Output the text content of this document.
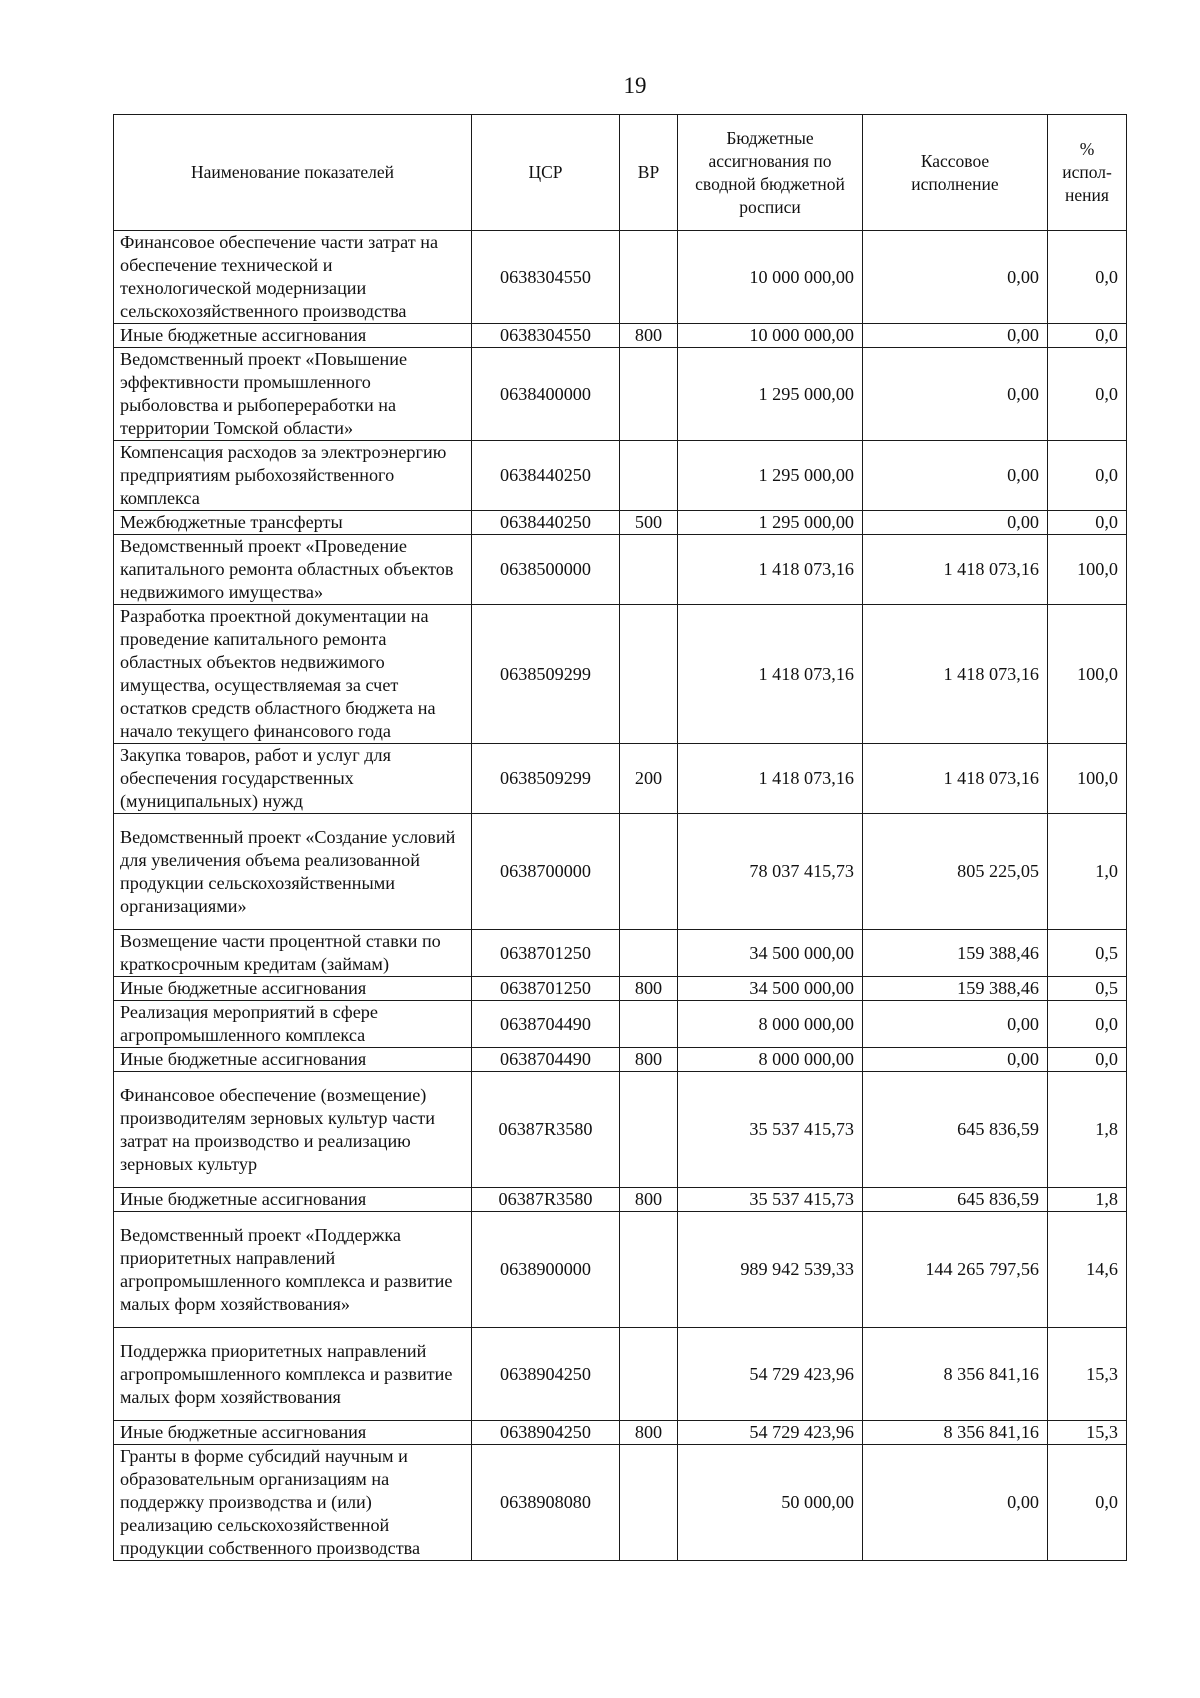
19
Наименование показателей	ЦСР	ВР	Бюджетные ассигнования по сводной бюджетной росписи	Кассовое исполнение	% испол-нения
Финансовое обеспечение части затрат на обеспечение технической и технологической модернизации сельскохозяйственного производства	0638304550		10 000 000,00	0,00	0,0
Иные бюджетные ассигнования	0638304550	800	10 000 000,00	0,00	0,0
Ведомственный проект «Повышение эффективности промышленного рыболовства и рыбопереработки на территории Томской области»	0638400000		1 295 000,00	0,00	0,0
Компенсация расходов за электроэнергию предприятиям рыбохозяйственного комплекса	0638440250		1 295 000,00	0,00	0,0
Межбюджетные трансферты	0638440250	500	1 295 000,00	0,00	0,0
Ведомственный проект «Проведение капитального ремонта областных объектов недвижимого имущества»	0638500000		1 418 073,16	1 418 073,16	100,0
Разработка проектной документации на проведение капитального ремонта областных объектов недвижимого имущества, осуществляемая за счет остатков средств областного бюджета на начало текущего финансового года	0638509299		1 418 073,16	1 418 073,16	100,0
Закупка товаров, работ и услуг для обеспечения государственных (муниципальных) нужд	0638509299	200	1 418 073,16	1 418 073,16	100,0
Ведомственный проект «Создание условий для увеличения объема реализованной продукции сельскохозяйственными организациями»	0638700000		78 037 415,73	805 225,05	1,0
Возмещение части процентной ставки по краткосрочным кредитам (займам)	0638701250		34 500 000,00	159 388,46	0,5
Иные бюджетные ассигнования	0638701250	800	34 500 000,00	159 388,46	0,5
Реализация мероприятий в сфере агропромышленного комплекса	0638704490		8 000 000,00	0,00	0,0
Иные бюджетные ассигнования	0638704490	800	8 000 000,00	0,00	0,0
Финансовое обеспечение (возмещение) производителям зерновых культур части затрат на производство и реализацию зерновых культур	06387R3580		35 537 415,73	645 836,59	1,8
Иные бюджетные ассигнования	06387R3580	800	35 537 415,73	645 836,59	1,8
Ведомственный проект «Поддержка приоритетных направлений агропромышленного комплекса и развитие малых форм хозяйствования»	0638900000		989 942 539,33	144 265 797,56	14,6
Поддержка приоритетных направлений агропромышленного комплекса и развитие малых форм хозяйствования	0638904250		54 729 423,96	8 356 841,16	15,3
Иные бюджетные ассигнования	0638904250	800	54 729 423,96	8 356 841,16	15,3
Гранты в форме субсидий научным и образовательным организациям на поддержку производства и (или) реализацию сельскохозяйственной продукции собственного производства	0638908080		50 000,00	0,00	0,0
